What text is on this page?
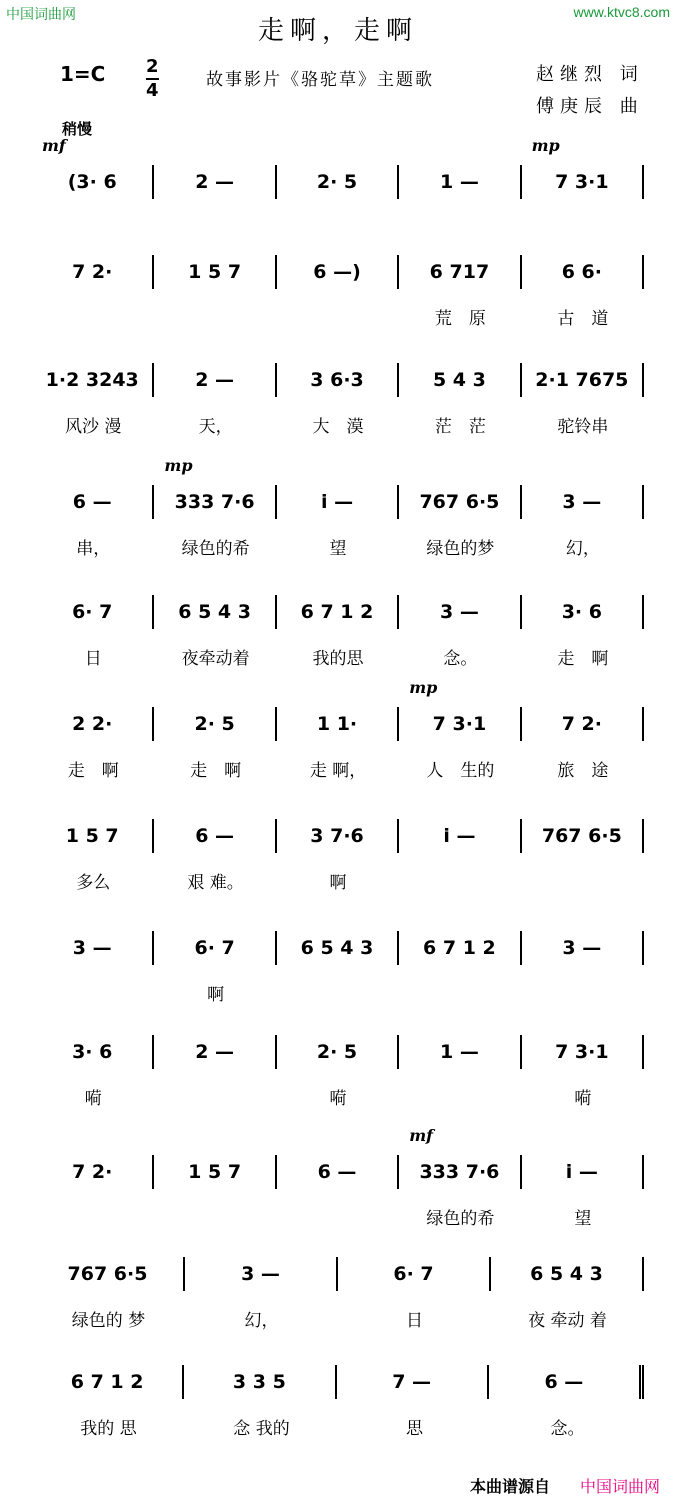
中国词曲网	www.ktvc8.com
走啊，走啊
1=C 2
4	故事影片《骆驼草》主题歌	赵继烈 词
傅庚辰 曲
稍慢
(3· 6	2 —	2· 5	1 —	7 3·1
mf	mp
7 2·	1 5 7	6 —)	6 717	6 6·
荒　原	古　道
1·2 3243	2 —	3 6·3	5 4 3	2·1 7675
风沙 漫	天，	大　漠	茫　茫	驼铃串
6 —	333 7·6	i —	767 6·5	3 —
mp
串，	绿色的希	望	绿色的梦	幻，
6· 7	6 5 4 3	6 7 1 2	3 —	3· 6
日	夜牵动着	我的思	念。	走　啊
2 2·	2· 5	1 1·	7 3·1	7 2·
mp
走　啊	走　啊	走 啊，	人　生的	旅　途
1 5 7	6 —	3 7·6	i —	767 6·5
多么	艰 难。	啊
3 —	6· 7	6 5 4 3	6 7 1 2	3 —
啊
3· 6	2 —	2· 5	1 —	7 3·1
嗬	嗬	嗬
7 2·	1 5 7	6 —	333 7·6	i —
mf
绿色的希	望
767 6·5	3 —	6· 7	6 5 4 3
绿色的 梦	幻，	日	夜 牵动 着
6 7 1 2	3 3 5	7 —	6 —
我的 思	念 我的	思	念。
本曲谱源自 中国词曲网
